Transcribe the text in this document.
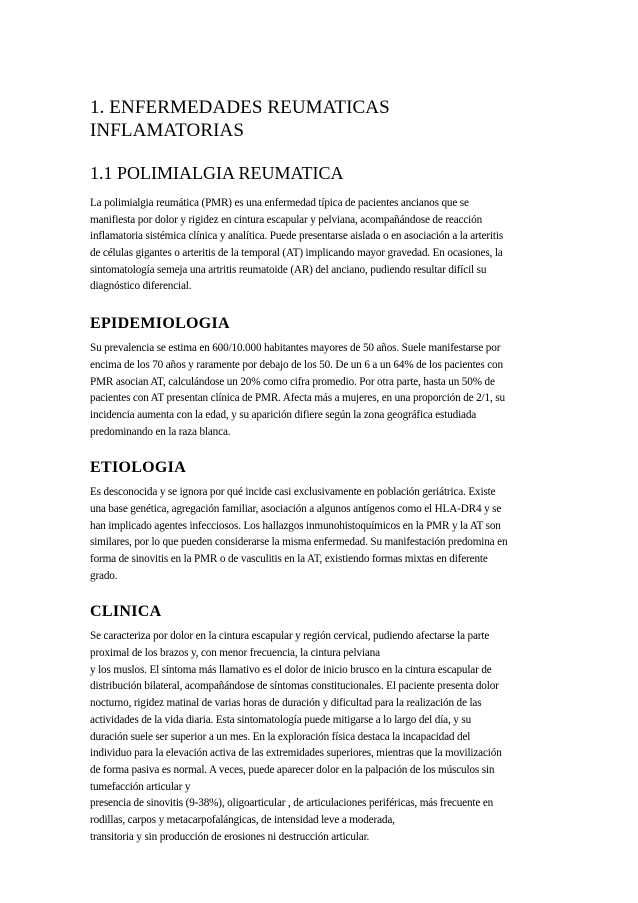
1. ENFERMEDADES REUMATICAS
INFLAMATORIAS
1.1 POLIMIALGIA REUMATICA

La polimialgia reumática (PMR) es una enfermedad típica de pacientes ancianos que se
manifiesta por dolor y rigidez en cintura escapular y pelviana, acompañándose de reacción
inflamatoria sistémica clínica y analítica. Puede presentarse aislada o en asociación a la arteritis
de células gigantes o arteritis de la temporal (AT) implicando mayor gravedad. En ocasiones, la
sintomatología semeja una artritis reumatoide (AR) del anciano, pudiendo resultar difícil su
diagnóstico diferencial.

EPIDEMIOLOGIA

Su prevalencia se estima en 600/10.000 habitantes mayores de 50 años. Suele manifestarse por
encima de los 70 años y raramente por debajo de los 50. De un 6 a un 64% de los pacientes con
PMR asocian AT, calculándose un 20% como cifra promedio. Por otra parte, hasta un 50% de
pacientes con AT presentan clínica de PMR. Afecta más a mujeres, en una proporción de 2/1, su
incidencia aumenta con la edad, y su aparición difiere según la zona geográfica estudiada
predominando en la raza blanca.

ETIOLOGIA

Es desconocida y se ignora por qué incide casi exclusivamente en población geriátrica. Existe
una base genética, agregación familiar, asociación a algunos antígenos como el HLA-DR4 y se
han implicado agentes infecciosos. Los hallazgos inmunohistoquímicos en la PMR y la AT son
similares, por lo que pueden considerarse la misma enfermedad. Su manifestación predomina en
forma de sinovitis en la PMR o de vasculitis en la AT, existiendo formas mixtas en diferente
grado.

CLINICA

Se caracteriza por dolor en la cintura escapular y región cervical, pudiendo afectarse la parte
proximal de los brazos y, con menor frecuencia, la cintura pelviana
y los muslos. El síntoma más llamativo es el dolor de inicio brusco en la cintura escapular de
distribución bilateral, acompañándose de síntomas constitucionales. El paciente presenta dolor
nocturno, rigidez matinal de varias horas de duración y dificultad para la realización de las
actividades de la vida diaria. Esta sintomatología puede mitigarse a lo largo del día, y su
duración suele ser superior a un mes. En la exploración física destaca la incapacidad del
individuo para la elevación activa de las extremidades superiores, mientras que la movilización
de forma pasiva es normal. A veces, puede aparecer dolor en la palpación de los músculos sin
tumefacción articular y
presencia de sinovitis (9-38%), oligoarticular , de articulaciones periféricas, más frecuente en
rodillas, carpos y metacarpofalángicas, de intensidad leve a moderada,
transitoria y sin producción de erosiones ni destrucción articular.
